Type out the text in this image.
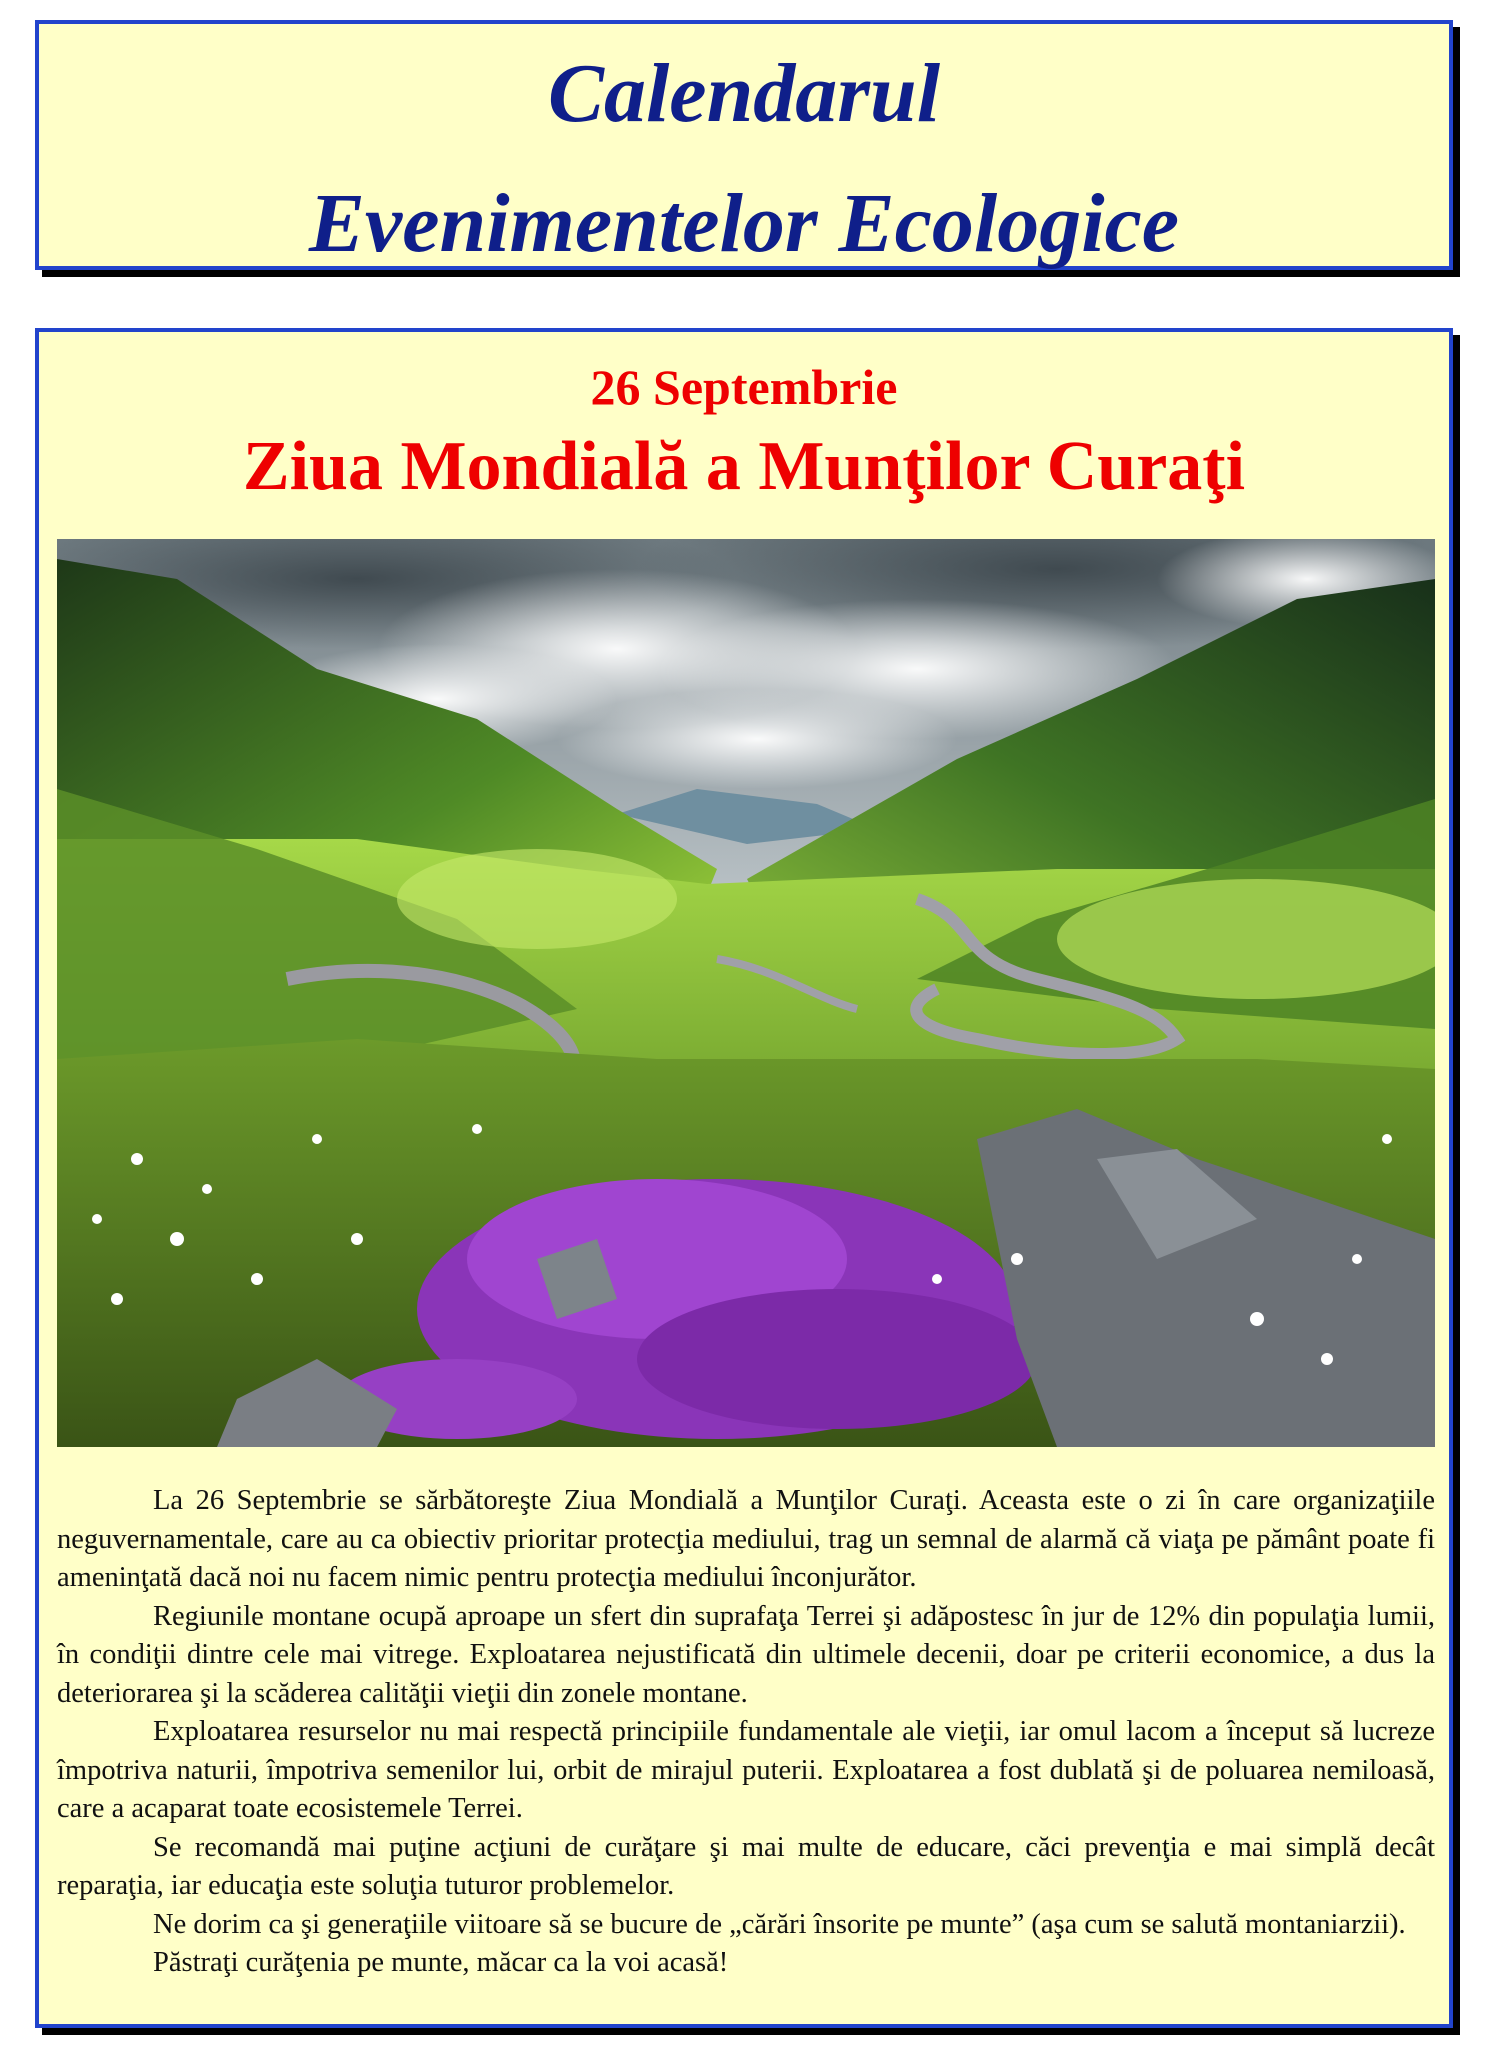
Calendarul
Evenimentelor Ecologice
26 Septembrie
Ziua Mondială a Munţilor Curaţi

La 26 Septembrie se sărbătoreşte Ziua Mondială a Munţilor Curaţi. Aceasta este o zi în care organizaţiile neguvernamentale, care au ca obiectiv prioritar protecţia mediului, trag un semnal de alarmă că viaţa pe pământ poate fi ameninţată dacă noi nu facem nimic pentru protecţia mediului înconjurător.

Regiunile montane ocupă aproape un sfert din suprafaţa Terrei şi adăpostesc în jur de 12% din populaţia lumii, în condiţii dintre cele mai vitrege. Exploatarea nejustificată din ultimele decenii, doar pe criterii economice, a dus la deteriorarea şi la scăderea calităţii vieţii din zonele montane.

Exploatarea resurselor nu mai respectă principiile fundamentale ale vieţii, iar omul lacom a început să lucreze împotriva naturii, împotriva semenilor lui, orbit de mirajul puterii. Exploatarea a fost dublată şi de poluarea nemiloasă, care a acaparat toate ecosistemele Terrei.

Se recomandă mai puţine acţiuni de curăţare şi mai multe de educare, căci prevenţia e mai simplă decât reparaţia, iar educaţia este soluţia tuturor problemelor.

Ne dorim ca şi generaţiile viitoare să se bucure de „cărări însorite pe munte” (aşa cum se salută montaniarzii).

Păstraţi curăţenia pe munte, măcar ca la voi acasă!
